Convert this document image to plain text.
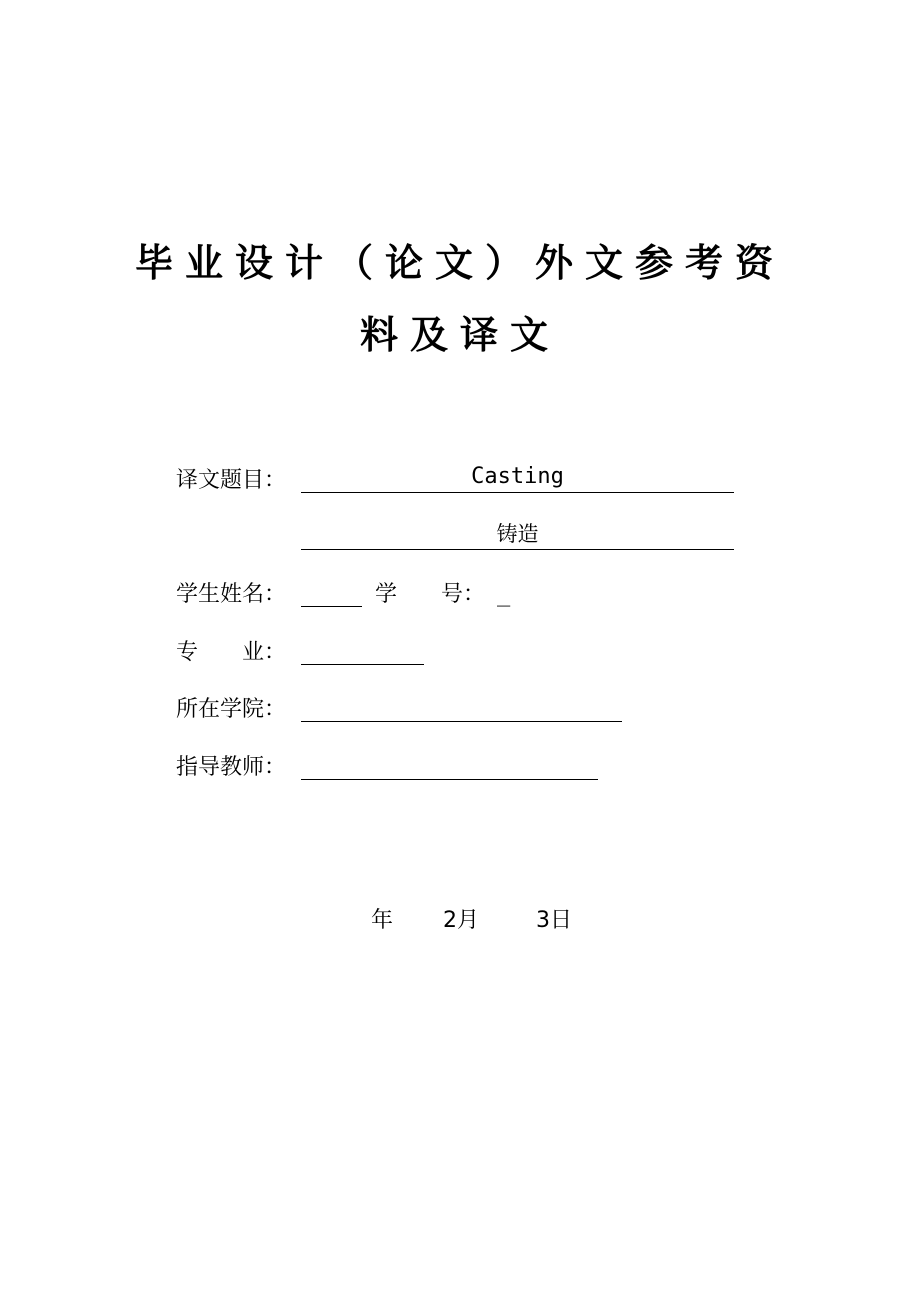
毕业设计（论文）外文参考资
料及译文
译文题目：	Casting
铸造
学生姓名：	学　　号： _
专　　业：
所在学院：
指导教师：
年 2月	3日
